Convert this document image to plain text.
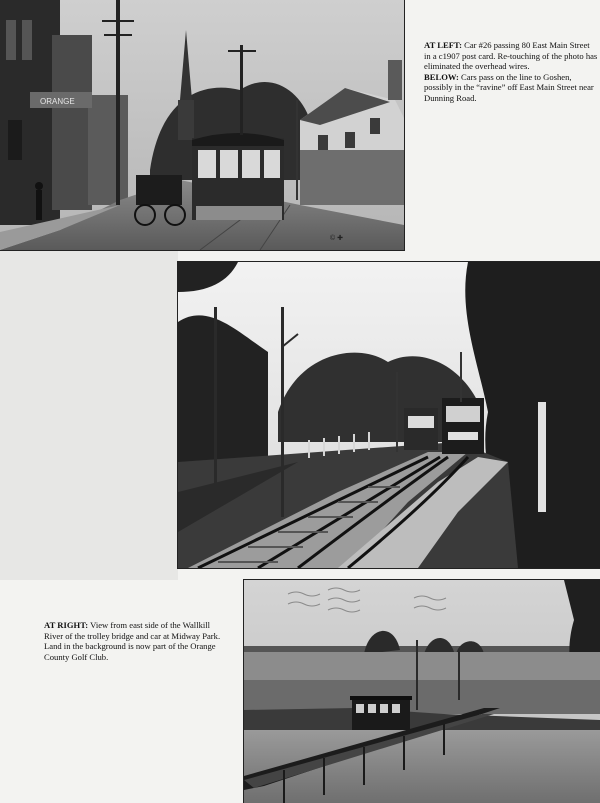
ORANGE
© ✚

AT LEFT: Car #26 passing 80 East Main Street in a c1907 post card. Re-touching of the photo has eliminated the overhead wires.

BELOW: Cars pass on the line to Goshen, possibly in the “ravine” off East Main Street near Dunning Road.

AT RIGHT: View from east side of the Wallkill River of the trolley bridge and car at Midway Park. Land in the background is now part of the Orange County Golf Club.
